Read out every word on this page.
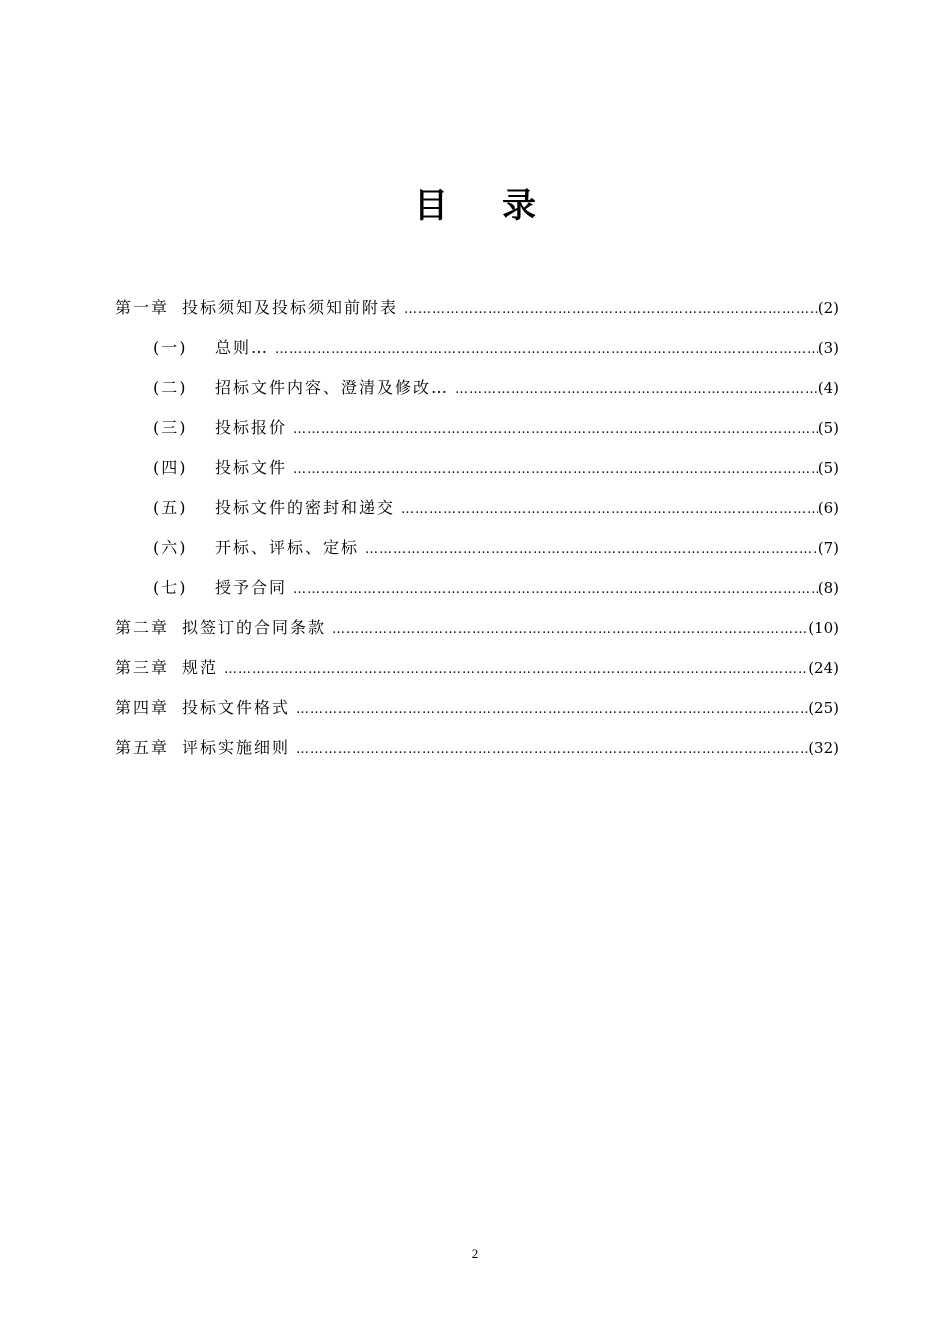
目 录
第一章 投标须知及投标须知前附表 …………………………………………………………………………………………………………………………………………………………………………………………………………………………………………	(2)
(一)	总则… …………………………………………………………………………………………………………………………………………………………………………………………………………………………………………	(3)
(二)	招标文件内容、澄清及修改… …………………………………………………………………………………………………………………………………………………………………………………………………………………………………………	(4)
(三)	投标报价 …………………………………………………………………………………………………………………………………………………………………………………………………………………………………………	(5)
(四)	投标文件 …………………………………………………………………………………………………………………………………………………………………………………………………………………………………………	(5)
(五)	投标文件的密封和递交 …………………………………………………………………………………………………………………………………………………………………………………………………………………………………………	(6)
(六)	开标、评标、定标 …………………………………………………………………………………………………………………………………………………………………………………………………………………………………………	(7)
(七)	授予合同 …………………………………………………………………………………………………………………………………………………………………………………………………………………………………………	(8)
第二章 拟签订的合同条款 …………………………………………………………………………………………………………………………………………………………………………………………………………………………………………	(10)
第三章 规范 …………………………………………………………………………………………………………………………………………………………………………………………………………………………………………	(24)
第四章 投标文件格式 …………………………………………………………………………………………………………………………………………………………………………………………………………………………………………	(25)
第五章 评标实施细则 …………………………………………………………………………………………………………………………………………………………………………………………………………………………………………	(32)
2
